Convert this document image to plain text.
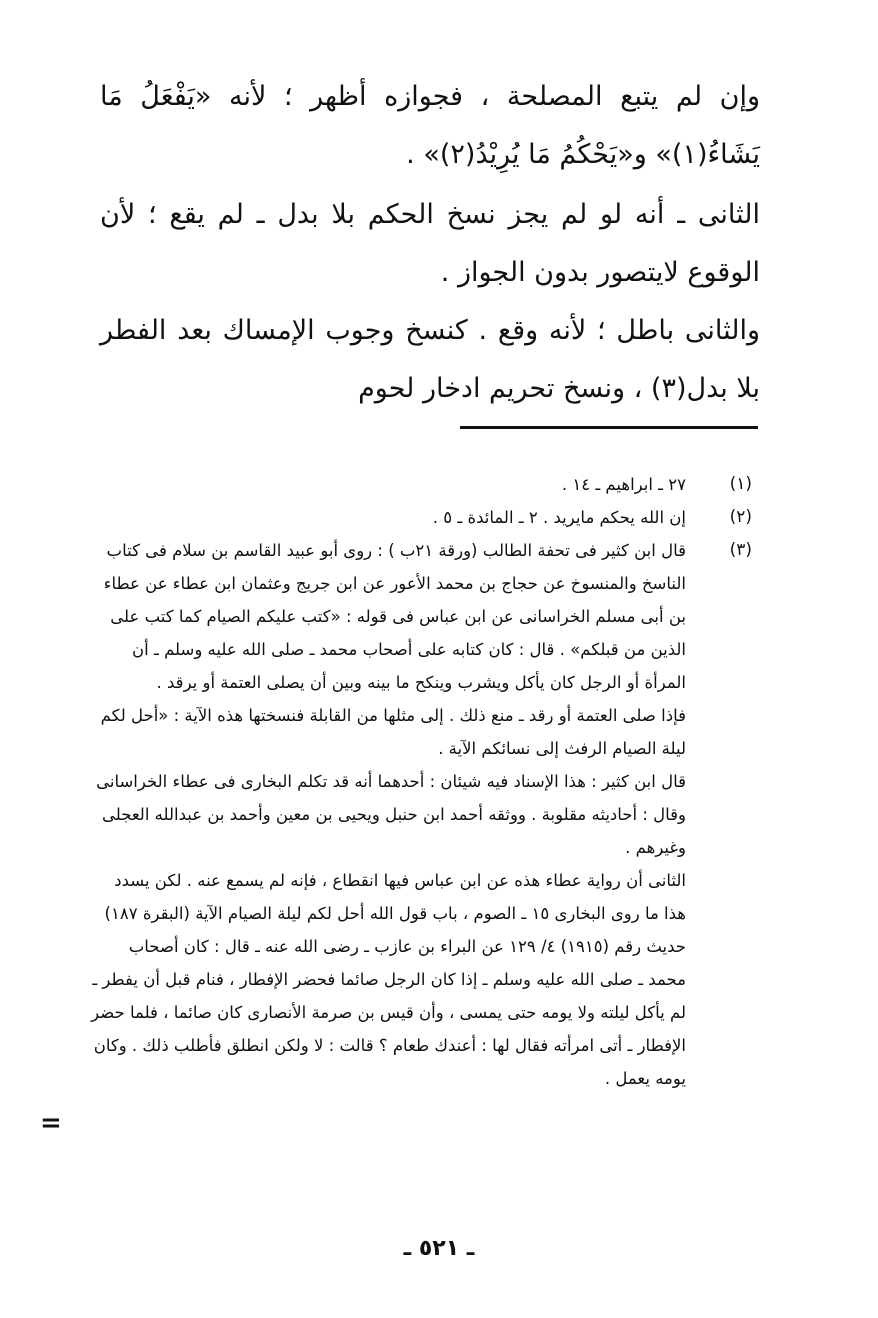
وإن لم يتبع المصلحة ، فجوازه أظهر ؛ لأنه «يَفْعَلُ مَا يَشَاءُ(١)» و«يَحْكُمُ مَا يُرِيْدُ(٢)» .
الثانى ـ أنه لو لم يجز نسخ الحكم بلا بدل ـ لم يقع ؛ لأن الوقوع لايتصور بدون الجواز .
والثانى باطل ؛ لأنه وقع . كنسخ وجوب الإمساك بعد الفطر بلا بدل(٣) ، ونسخ تحريم ادخار لحوم
(١)

٢٧ ـ ابراهيم ـ ١٤ .

(٢)

إن الله يحكم مايريد . ٢ ـ المائدة ـ ٥ .

(٣)

قال ابن كثير فى تحفة الطالب (ورقة ٢١ب ) : روى أبو عبيد القاسم بن سلام فى كتاب الناسخ والمنسوخ عن حجاج بن محمد الأعور عن ابن جريج وعثمان ابن عطاء عن عطاء بن أبى مسلم الخراسانى عن ابن عباس فى قوله : «كتب عليكم الصيام كما كتب على الذين من قبلكم» . قال : كان كتابه على أصحاب محمد ـ صلى الله عليه وسلم ـ أن المرأة أو الرجل كان يأكل ويشرب وينكح ما بينه وبين أن يصلى العتمة أو يرقد .

فإذا صلى العتمة أو رقد ـ منع ذلك . إلى مثلها من القابلة فنسختها هذه الآية : «أحل لكم ليلة الصيام الرفث إلى نسائكم الآية .

قال ابن كثير : هذا الإسناد فيه شيئان : أحدهما أنه قد تكلم البخارى فى عطاء الخراسانى وقال : أحاديثه مقلوبة . ووثقه أحمد ابن حنبل ويحيى بن معين وأحمد بن عبدالله العجلى وغيرهم .

الثانى أن رواية عطاء هذه عن ابن عباس فيها انقطاع ، فإنه لم يسمع عنه . لكن يسدد هذا ما روى البخارى ١٥ ـ الصوم ، باب قول الله أحل لكم ليلة الصيام الآية (البقرة ١٨٧) حديث رقم (١٩١٥) ٤/ ١٢٩ عن البراء بن عازب ـ رضى الله عنه ـ قال : كان أصحاب محمد ـ صلى الله عليه وسلم ـ إذا كان الرجل صائما فحضر الإفطار ، فنام قبل أن يفطر ـ لم يأكل ليلته ولا يومه حتى يمسى ، وأن قيس بن صرمة الأنصارى كان صائما ، فلما حضر الإفطار ـ أتى امرأته فقال لها : أعندك طعام ؟ قالت : لا ولكن انطلق فأطلب ذلك . وكان يومه يعمل .

=
ـ ٥٢١ ـ
